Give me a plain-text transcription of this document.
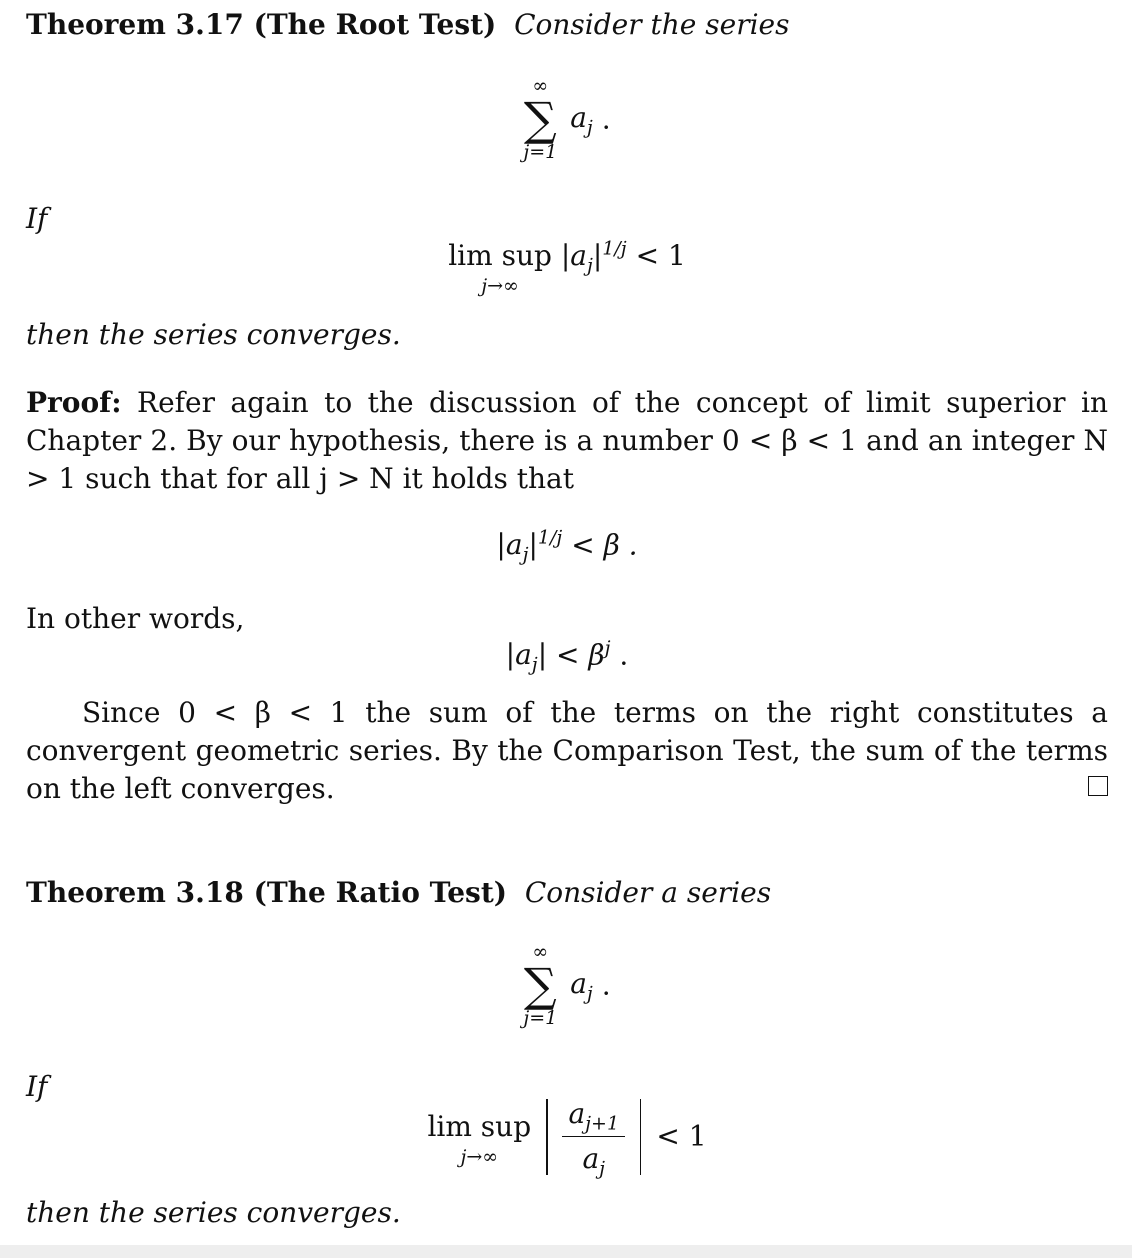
Theorem 3.17 (The Root Test) Consider the series
∞
∑
j=1
$a_j$ .
If
lim sup
j→∞
$|a_j|^{1/j} < 1$
then the series converges.
Proof: Refer again to the discussion of the concept of limit superior in Chapter 2. By our hypothesis, there is a number 0 < β < 1 and an integer N > 1 such that for all j > N it holds that
$|a_j|^{1/j} < \beta$ .
In other words,
$|a_j| < \beta^j$ .
Since 0 < β < 1 the sum of the terms on the right constitutes a convergent geometric series. By the Comparison Test, the sum of the terms on the left converges.
Theorem 3.18 (The Ratio Test) Consider a series
∞
∑
j=1
$a_j$ .
If
lim sup
j→∞
$\frac{a_{j+1}}{a_j} < 1$
then the series converges.
